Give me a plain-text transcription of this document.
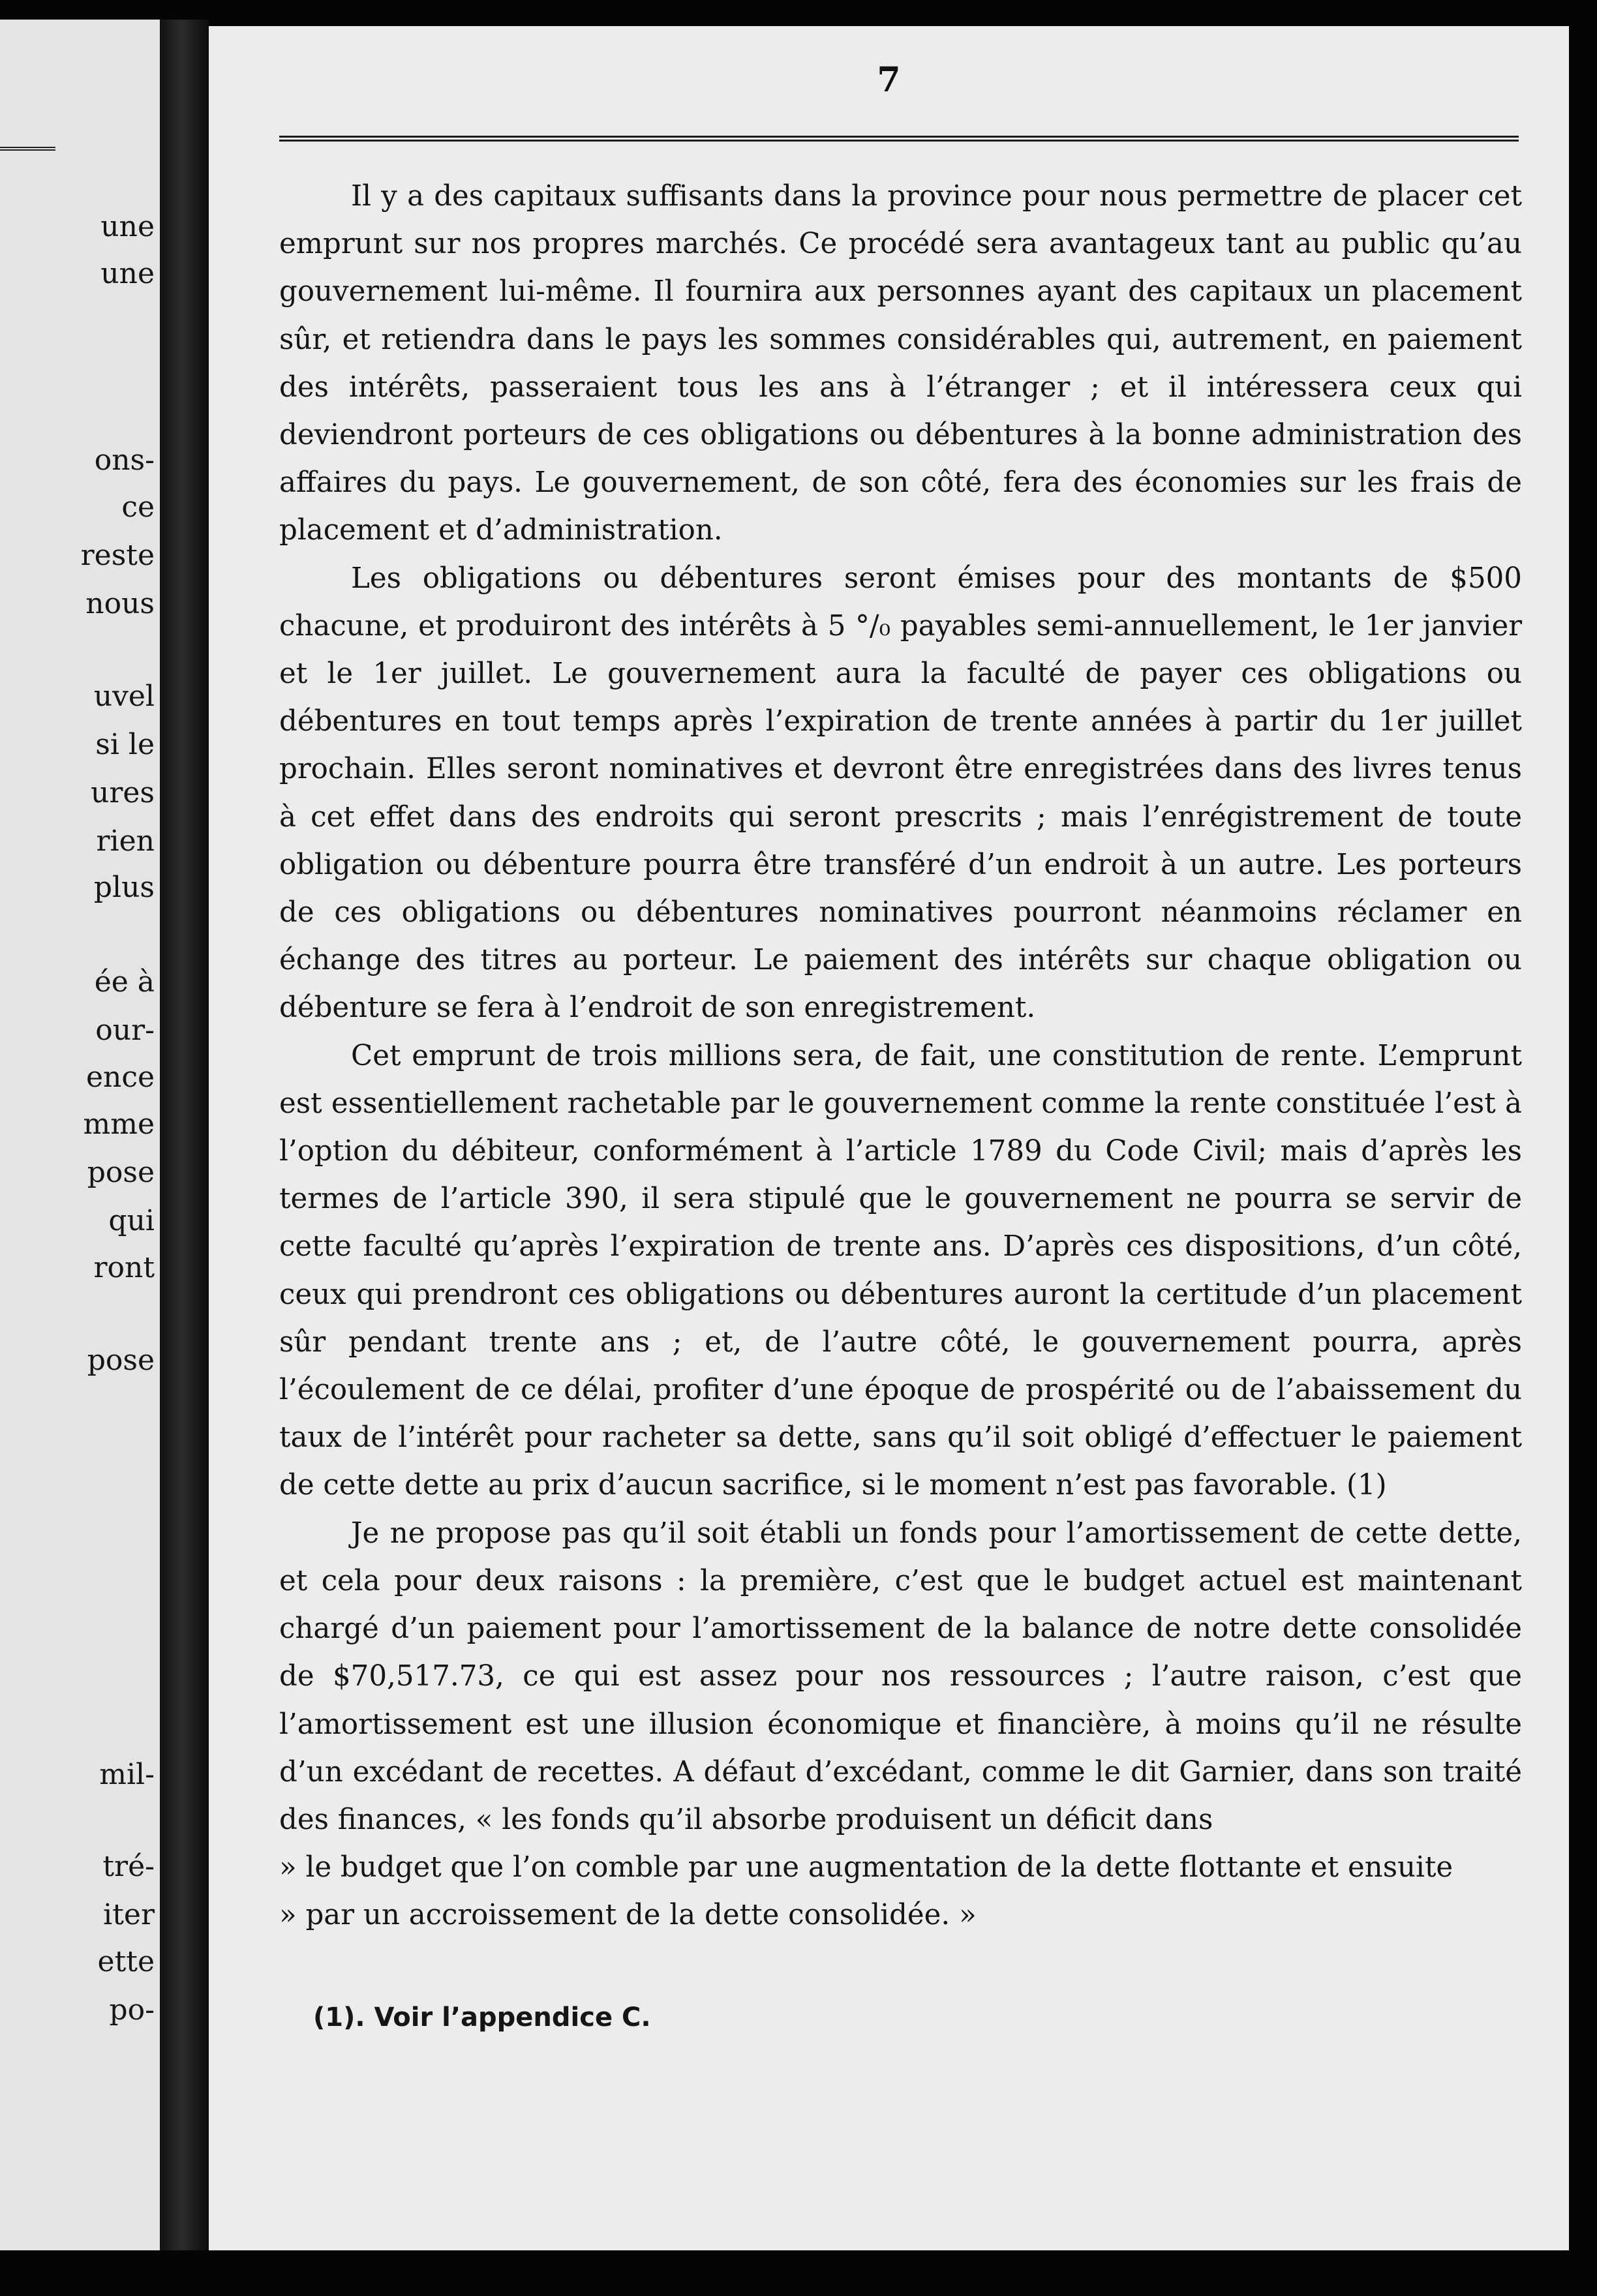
une
une
ons-
ce
reste
nous
uvel
si le
ures
rien
plus
ée à
our-
ence
mme
pose
qui
ront
pose
mil-
tré-
iter
ette
po-
7

Il y a des capitaux suffisants dans la province pour nous permettre de placer cet emprunt sur nos propres marchés. Ce procédé sera avantageux tant au public qu’au gouvernement lui-même. Il fournira aux personnes ayant des capitaux un placement sûr, et retiendra dans le pays les sommes considérables qui, autrement, en paiement des intérêts, passeraient tous les ans à l’étranger ; et il intéressera ceux qui deviendront porteurs de ces obligations ou débentures à la bonne administration des affaires du pays. Le gouvernement, de son côté, fera des économies sur les frais de placement et d’administration.

Les obligations ou débentures seront émises pour des montants de $500 chacune, et produiront des intérêts à 5 °/₀ payables semi-annuellement, le 1er janvier et le 1er juillet. Le gouvernement aura la faculté de payer ces obligations ou débentures en tout temps après l’expiration de trente années à partir du 1er juillet prochain. Elles seront nominatives et devront être enregistrées dans des livres tenus à cet effet dans des endroits qui seront prescrits ; mais l’enrégistrement de toute obligation ou débenture pourra être transféré d’un endroit à un autre. Les porteurs de ces obligations ou débentures nominatives pourront néanmoins réclamer en échange des titres au porteur. Le paiement des intérêts sur chaque obligation ou débenture se fera à l’endroit de son enregistrement.

Cet emprunt de trois millions sera, de fait, une constitution de rente. L’emprunt est essentiellement rachetable par le gouvernement comme la rente constituée l’est à l’option du débiteur, conformément à l’article 1789 du Code Civil; mais d’après les termes de l’article 390, il sera stipulé que le gouvernement ne pourra se servir de cette faculté qu’après l’expiration de trente ans. D’après ces dispositions, d’un côté, ceux qui prendront ces obligations ou débentures auront la certitude d’un placement sûr pendant trente ans ; et, de l’autre côté, le gouvernement pourra, après l’écoulement de ce délai, profiter d’une époque de prospérité ou de l’abaissement du taux de l’intérêt pour racheter sa dette, sans qu’il soit obligé d’effectuer le paiement de cette dette au prix d’aucun sacrifice, si le moment n’est pas favorable. (1)

Je ne propose pas qu’il soit établi un fonds pour l’amortissement de cette dette, et cela pour deux raisons : la première, c’est que le budget actuel est maintenant chargé d’un paiement pour l’amortissement de la balance de notre dette consolidée de $70,517.73, ce qui est assez pour nos ressources ; l’autre raison, c’est que l’amortissement est une illusion économique et financière, à moins qu’il ne résulte d’un excédant de recettes. A défaut d’excédant, comme le dit Garnier, dans son traité des finances, « les fonds qu’il absorbe produisent un déficit dans

» le budget que l’on comble par une augmentation de la dette flottante et ensuite

» par un accroissement de la dette consolidée. »

(1). Voir l’appendice C.
